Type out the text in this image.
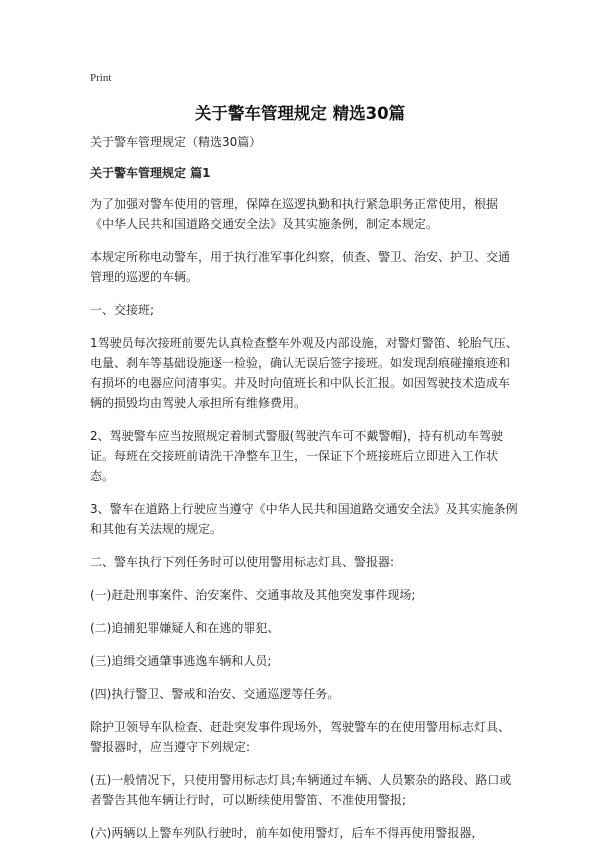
Print
关于警车管理规定 精选30篇

关于警车管理规定（精选30篇）

关于警车管理规定 篇1

为了加强对警车使用的管理，保障在巡逻执勤和执行紧急职务正常使用，根据《中华人民共和国道路交通安全法》及其实施条例，制定本规定。

本规定所称电动警车，用于执行准军事化纠察，侦查、警卫、治安、护卫、交通管理的巡逻的车辆。

一、交接班;

1驾驶员每次接班前要先认真检查整车外观及内部设施，对警灯警笛、轮胎气压、电量、刹车等基础设施逐一检验，确认无误后签字接班。如发现刮痕碰撞痕迹和有损坏的电器应问清事实。并及时向值班长和中队长汇报。如因驾驶技术造成车辆的损毁均由驾驶人承担所有维修费用。

2、驾驶警车应当按照规定着制式警服(驾驶汽车可不戴警帽)，持有机动车驾驶证。每班在交接班前请洗干净整车卫生，一保证下个班接班后立即进入工作状态。

3、警车在道路上行驶应当遵守《中华人民共和国道路交通安全法》及其实施条例和其他有关法规的规定。

二、警车执行下列任务时可以使用警用标志灯具、警报器:

(一)赶赴刑事案件、治安案件、交通事故及其他突发事件现场;

(二)追捕犯罪嫌疑人和在逃的罪犯、

(三)追缉交通肇事逃逸车辆和人员;

(四)执行警卫、警戒和治安、交通巡逻等任务。

除护卫领导车队检查、赶赴突发事件现场外，驾驶警车的在使用警用标志灯具、警报器时，应当遵守下列规定:

(五)一般情况下，只使用警用标志灯具;车辆通过车辆、人员繁杂的路段、路口或者警告其他车辆让行时，可以断续使用警笛、不准使用警报;

(六)两辆以上警车列队行驶时，前车如使用警灯，后车不得再使用警报器，
